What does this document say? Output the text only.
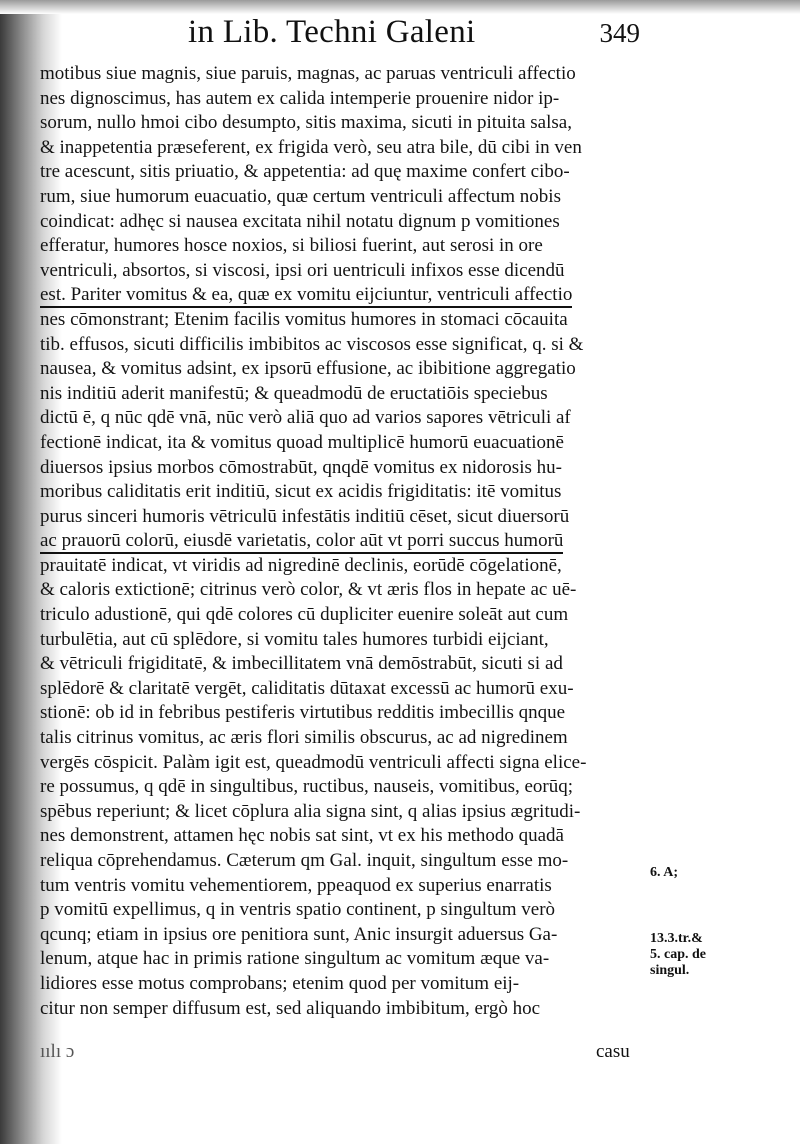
in Lib. Techni Galeni	349
motibus siue magnis, siue paruis, magnas, ac paruas ventriculi affectio
nes dignoscimus, has autem ex calida intemperie prouenire nidor ip-
sorum, nullo hmoi cibo desumpto, sitis maxima, sicuti in pituita salsa,
& inappetentia præseferent, ex frigida verò, seu atra bile, dū cibi in ven
tre acescunt, sitis priuatio, & appetentia: ad quę maxime confert cibo-
rum, siue humorum euacuatio, quæ certum ventriculi affectum nobis
coindicat: adhęc si nausea excitata nihil notatu dignum p vomitiones
efferatur, humores hosce noxios, si biliosi fuerint, aut serosi in ore
ventriculi, absortos, si viscosi, ipsi ori uentriculi infixos esse dicendū
est. Pariter vomitus & ea, quæ ex vomitu eijciuntur, ventriculi affectio
nes cōmonstrant; Etenim facilis vomitus humores in stomaci cōcauita
tib. effusos, sicuti difficilis imbibitos ac viscosos esse significat, q. si &
nausea, & vomitus adsint, ex ipsorū effusione, ac ibibitione aggregatio
nis inditiū aderit manifestū; & queadmodū de eructatiōis speciebus
dictū ē, q nūc qdē vnā, nūc verò aliā quo ad varios sapores vētriculi af
fectionē indicat, ita & vomitus quoad multiplicē humorū euacuationē
diuersos ipsius morbos cōmostrabūt, qnqdē vomitus ex nidorosis hu-
moribus caliditatis erit inditiū, sicut ex acidis frigiditatis: itē vomitus
purus sinceri humoris vētriculū infestātis inditiū cēset, sicut diuersorū
ac prauorū colorū, eiusdē varietatis, color aūt vt porri succus humorū
prauitatē indicat, vt viridis ad nigredinē declinis, eorūdē cōgelationē,
& caloris extictionē; citrinus verò color, & vt æris flos in hepate ac uē-
triculo adustionē, qui qdē colores cū dupliciter euenire soleāt aut cum
turbulētia, aut cū splēdore, si vomitu tales humores turbidi eijciant,
& vētriculi frigiditatē, & imbecillitatem vnā demōstrabūt, sicuti si ad
splēdorē & claritatē vergēt, caliditatis dūtaxat excessū ac humorū exu-
stionē: ob id in febribus pestiferis virtutibus redditis imbecillis qnque
talis citrinus vomitus, ac æris flori similis obscurus, ac ad nigredinem
vergēs cōspicit. Palàm igit est, queadmodū ventriculi affecti signa elice-
re possumus, q qdē in singultibus, ructibus, nauseis, vomitibus, eorūq;
spēbus reperiunt; & licet cōplura alia signa sint, q alias ipsius ægritudi-
nes demonstrent, attamen hęc nobis sat sint, vt ex his methodo quadā
reliqua cōprehendamus. Cæterum qm Gal. inquit, singultum esse mo-
tum ventris vomitu vehementiorem, ppeaquod ex superius enarratis
p vomitū expellimus, q in ventris spatio continent, p singultum verò
qcunq; etiam in ipsius ore penitiora sunt, Anic insurgit aduersus Ga-
lenum, atque hac in primis ratione singultum ac vomitum æque va-
lidiores esse motus comprobans; etenim quod per vomitum eij-
citur non semper diffusum est, sed aliquando imbibitum, ergò hoc
6. A;
13.3.tr.&
5. cap. de
singul.
ıılı ɔ	casu
